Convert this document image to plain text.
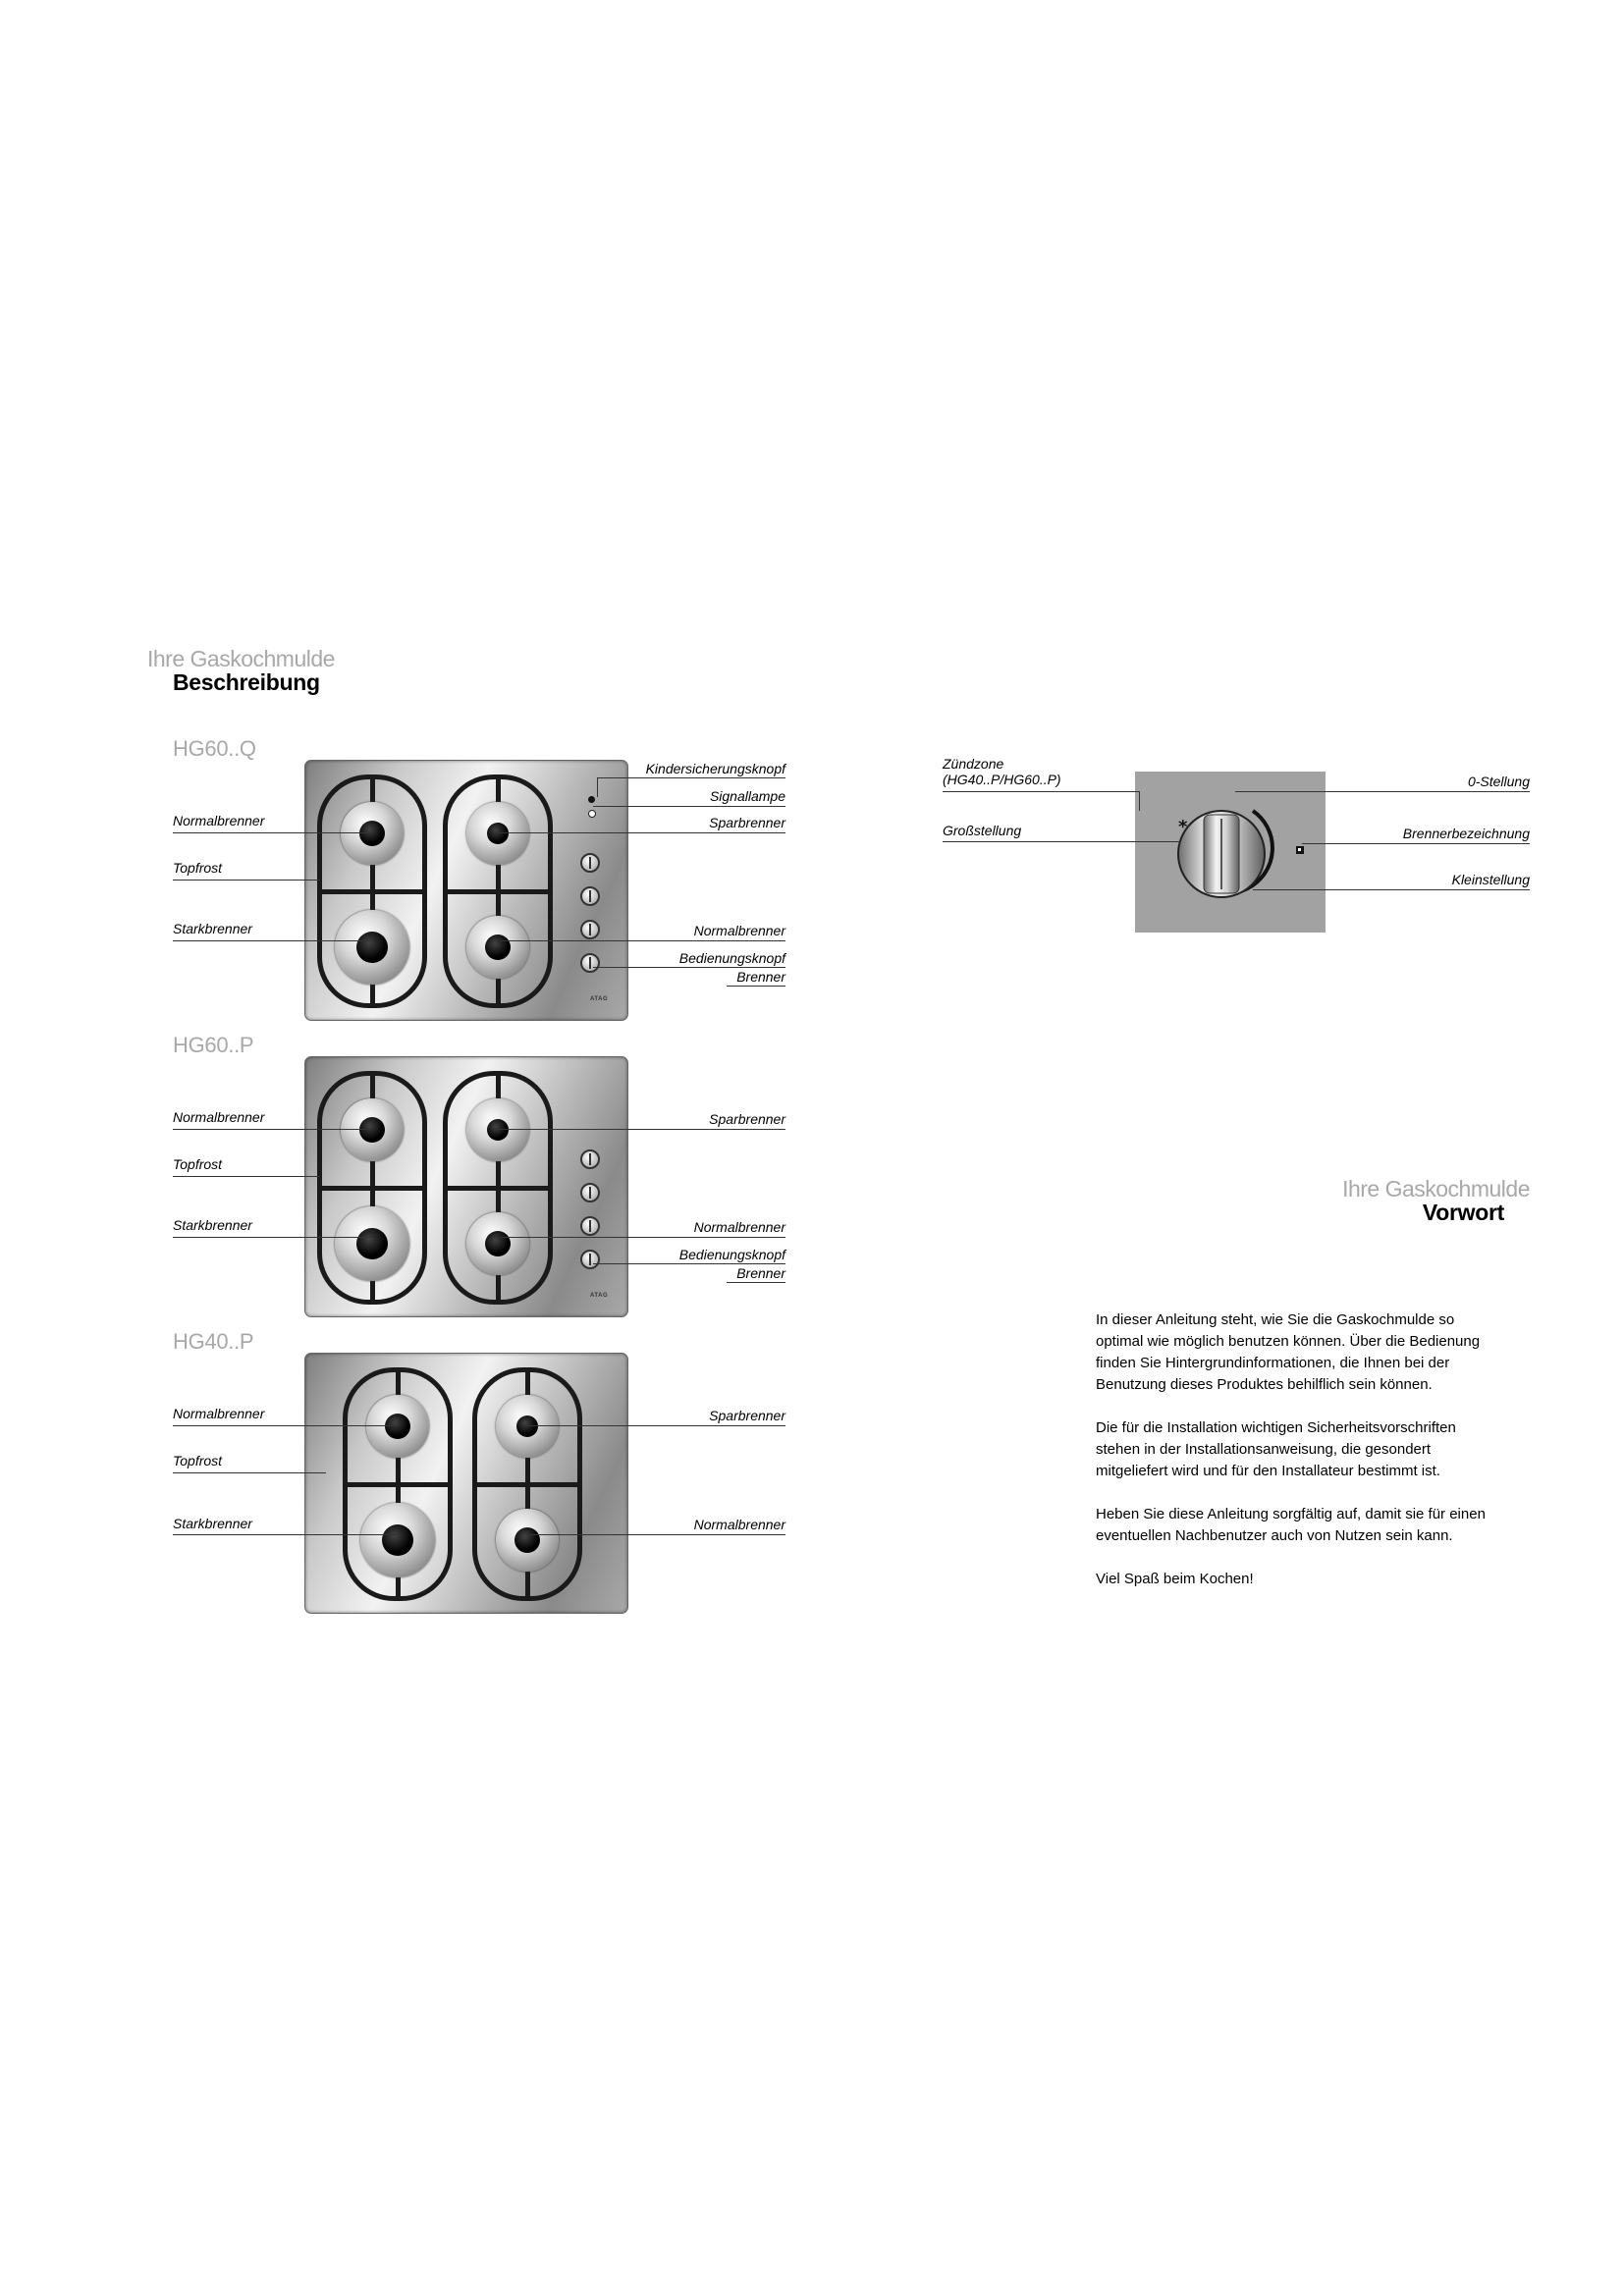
Ihre Gaskochmulde
Beschreibung
HG60..Q
ATAG
Kindersicherungsknopf
Signallampe
Sparbrenner
Normalbrenner
Topfrost
Starkbrenner	Normalbrenner
Bedienungsknopf
Brenner
HG60..P
ATAG
Normalbrenner
Topfrost
Starkbrenner
Sparbrenner
Normalbrenner
Bedienungsknopf
Brenner
HG40..P
Normalbrenner
Topfrost
Starkbrenner
Sparbrenner
Normalbrenner
*
Zündzone
(HG40..P/HG60..P)
Großstellung
0-Stellung
Brennerbezeichnung
Kleinstellung
Ihre Gaskochmulde
Vorwort

In dieser Anleitung steht, wie Sie die Gaskochmulde so
optimal wie möglich benutzen können. Über die Bedienung
finden Sie Hintergrundinformationen, die Ihnen bei der
Benutzung dieses Produktes behilflich sein können.

Die für die Installation wichtigen Sicherheitsvorschriften
stehen in der Installationsanweisung, die gesondert
mitgeliefert wird und für den Installateur bestimmt ist.

Heben Sie diese Anleitung sorgfältig auf, damit sie für einen
eventuellen Nachbenutzer auch von Nutzen sein kann.

Viel Spaß beim Kochen!
